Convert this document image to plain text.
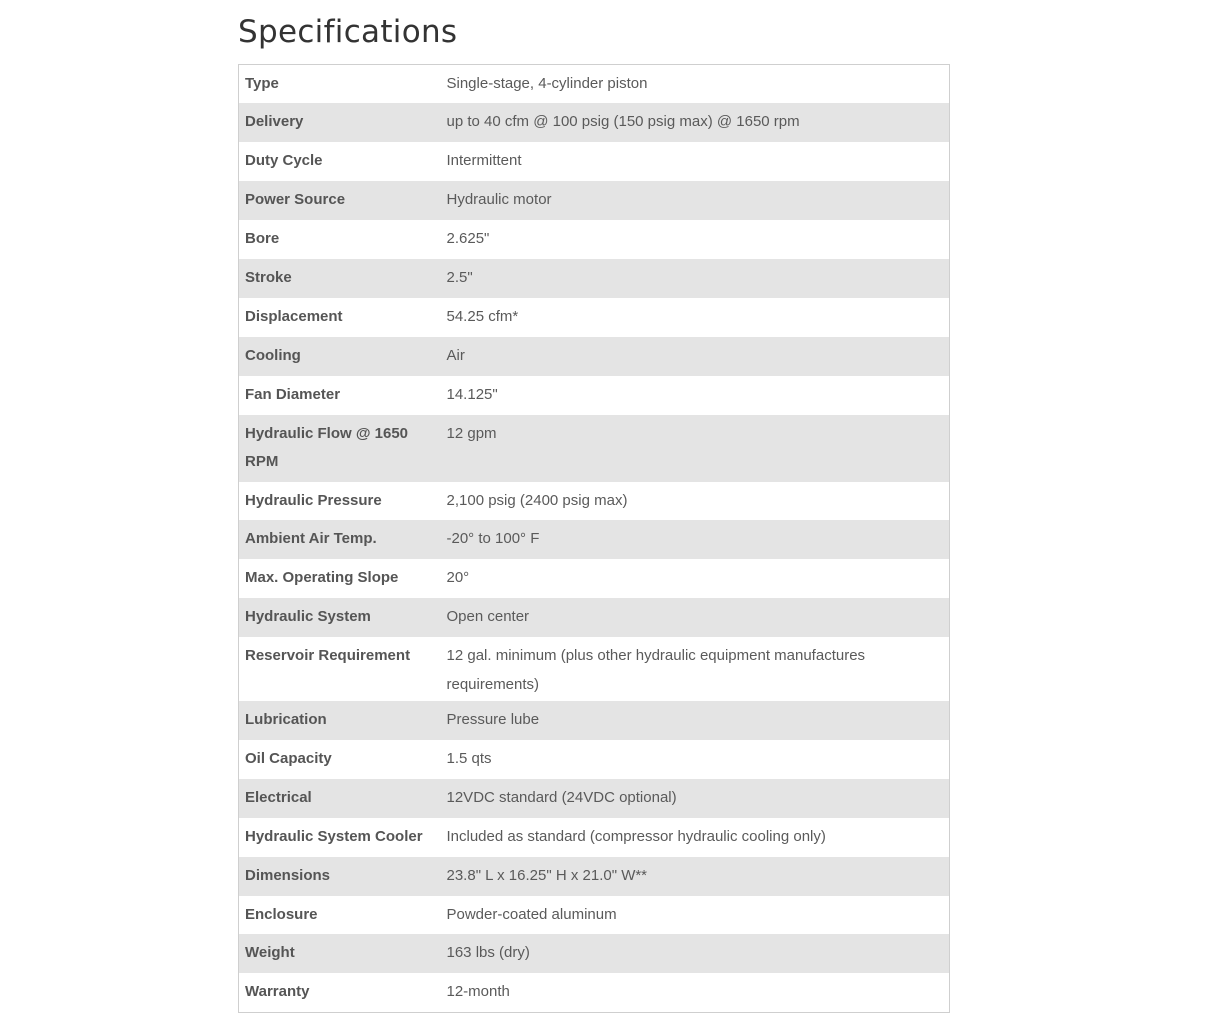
Specifications
Type	Single-stage, 4-cylinder piston
Delivery	up to 40 cfm @ 100 psig (150 psig max) @ 1650 rpm
Duty Cycle	Intermittent
Power Source	Hydraulic motor
Bore	2.625"
Stroke	2.5"
Displacement	54.25 cfm*
Cooling	Air
Fan Diameter	14.125"
Hydraulic Flow @ 1650 RPM	12 gpm
Hydraulic Pressure	2,100 psig (2400 psig max)
Ambient Air Temp.	-20° to 100° F
Max. Operating Slope	20°
Hydraulic System	Open center
Reservoir Requirement	12 gal. minimum (plus other hydraulic equipment manufactures requirements)
Lubrication	Pressure lube
Oil Capacity	1.5 qts
Electrical	12VDC standard (24VDC optional)
Hydraulic System Cooler	Included as standard (compressor hydraulic cooling only)
Dimensions	23.8" L x 16.25" H x 21.0" W**
Enclosure	Powder-coated aluminum
Weight	163 lbs (dry)
Warranty	12-month
